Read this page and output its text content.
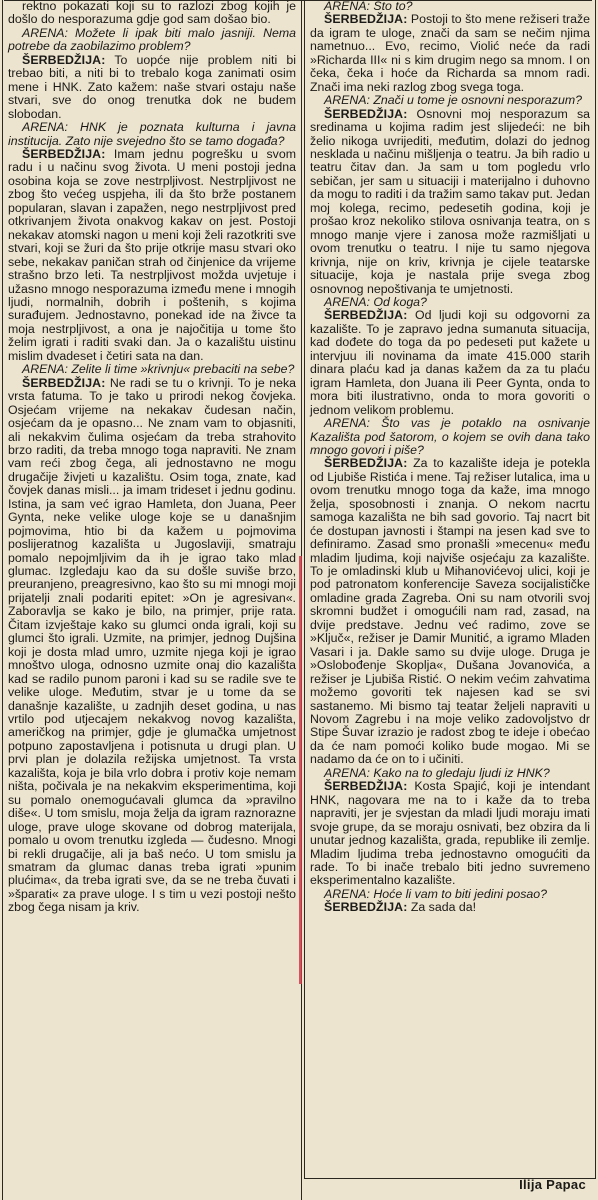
rektno pokazati koji su to razlozi zbog kojih je došlo do nesporazuma gdje god sam došao bio.

ARENA: Možete li ipak biti malo jasniji. Nema potrebe da zaobilazimo problem?

ŠERBEDŽIJA: To uopće nije problem niti bi trebao biti, a niti bi to trebalo koga zanimati osim mene i HNK. Zato kažem: naše stvari ostaju naše stvari, sve do onog trenutka dok ne budem slobodan.

ARENA: HNK je poznata kulturna i javna institucija. Zato nije svejedno što se tamo događa?

ŠERBEDŽIJA: Imam jednu pogrešku u svom radu i u načinu svog života. U meni postoji jedna osobina koja se zove nestrpljivost. Nestrpljivost ne zbog što većeg uspjeha, ili da što brže postanem popularan, slavan i zapažen, nego nestrpljivost pred otkrivanjem života onakvog kakav on jest. Postoji nekakav atomski nagon u meni koji želi razotkriti sve stvari, koji se žuri da što prije otkrije masu stvari oko sebe, nekakav paničan strah od činjenice da vrijeme strašno brzo leti. Ta nestrpljivost možda uvjetuje i užasno mnogo nesporazuma između mene i mnogih ljudi, normalnih, dobrih i poštenih, s kojima surađujem. Jednostavno, ponekad ide na živce ta moja nestrpljivost, a ona je najočitija u tome što želim igrati i raditi svaki dan. Ja o kazalištu uistinu mislim dvadeset i četiri sata na dan.

ARENA: Zelite li time »krivnju« prebaciti na sebe?

ŠERBEDŽIJA: Ne radi se tu o krivnji. To je neka vrsta fatuma. To je tako u prirodi nekog čovjeka. Osjećam vrijeme na nekakav čudesan način, osjećam da je opasno... Ne znam vam to objasniti, ali nekakvim čulima osjećam da treba strahovito brzo raditi, da treba mnogo toga napraviti. Ne znam vam reći zbog čega, ali jednostavno ne mogu drugačije živjeti u kazalištu. Osim toga, znate, kad čovjek danas misli... ja imam trideset i jednu godinu. Istina, ja sam već igrao Hamleta, don Juana, Peer Gynta, neke velike uloge koje se u današnjim pojmovima, htio bi da kažem u pojmovima poslijeratnog kazališta u Jugoslaviji, smatraju pomalo nepojmljivim da ih je igrao tako mlad glumac. Izgledaju kao da su došle suviše brzo, preuranjeno, preagresivno, kao što su mi mnogi moji prijatelji znali podariti epitet: »On je agresivan«. Zaboravlja se kako je bilo, na primjer, prije rata. Čitam izvještaje kako su glumci onda igrali, koji su glumci što igrali. Uzmite, na primjer, jednog Dujšina koji je dosta mlad umro, uzmite njega koji je igrao mnoštvo uloga, odnosno uzmite onaj dio kazališta kad se radilo punom paroni i kad su se radile sve te velike uloge. Međutim, stvar je u tome da se današnje kazalište, u zadnjih deset godina, u nas vrtilo pod utjecajem nekakvog novog kazališta, američkog na primjer, gdje je glumačka umjetnost potpuno zapostavljena i potisnuta u drugi plan. U prvi plan je dolazila režijska umjetnost. Ta vrsta kazališta, koja je bila vrlo dobra i protiv koje nemam ništa, počivala je na nekakvim eksperimentima, koji su pomalo onemogućavali glumca da »pravilno diše«. U tom smislu, moja želja da igram raznorazne uloge, prave uloge skovane od dobrog materijala, pomalo u ovom trenutku izgleda — čudesno. Mnogi bi rekli drugačije, ali ja baš nećo. U tom smislu ja smatram da glumac danas treba igrati »punim plućima«, da treba igrati sve, da se ne treba čuvati i »šparati« za prave uloge. I s tim u vezi postoji nešto zbog čega nisam ja kriv.

ARENA: Što to?

ŠERBEDŽIJA: Postoji to što mene režiseri traže da igram te uloge, znači da sam se nečim njima nametnuo... Evo, recimo, Violić neće da radi »Richarda III« ni s kim drugim nego sa mnom. I on čeka, čeka i hoće da Richarda sa mnom radi. Znači ima neki razlog zbog svega toga.

ARENA: Znači u tome je osnovni nesporazum?

ŠERBEDŽIJA: Osnovni moj nesporazum sa sredinama u kojima radim jest slijedeći: ne bih želio nikoga uvrijediti, međutim, dolazi do jednog nesklada u načinu mišljenja o teatru. Ja bih radio u teatru čitav dan. Ja sam u tom pogledu vrlo sebičan, jer sam u situaciji i materijalno i duhovno da mogu to raditi i da tražim samo takav put. Jedan moj kolega, recimo, pedesetih godina, koji je prošao kroz nekoliko stilova osnivanja teatra, on s mnogo manje vjere i zanosa može razmišljati u ovom trenutku o teatru. I nije tu samo njegova krivnja, nije on kriv, krivnja je cijele teatarske situacije, koja je nastala prije svega zbog osnovnog nepoštivanja te umjetnosti.

ARENA: Od koga?

ŠERBEDŽIJA: Od ljudi koji su odgovorni za kazalište. To je zapravo jedna sumanuta situacija, kad dođete do toga da po pedeseti put kažete u intervjuu ili novinama da imate 415.000 starih dinara plaću kad ja danas kažem da za tu plaću igram Hamleta, don Juana ili Peer Gynta, onda to mora biti ilustrativno, onda to mora govoriti o jednom velikom problemu.

ARENA: Što vas je potaklo na osnivanje Kazališta pod šatorom, o kojem se ovih dana tako mnogo govori i piše?

ŠERBEDŽIJA: Za to kazalište ideja je potekla od Ljubiše Ristića i mene. Taj režiser lutalica, ima u ovom trenutku mnogo toga da kaže, ima mnogo želja, sposobnosti i znanja. O nekom nacrtu samoga kazališta ne bih sad govorio. Taj nacrt bit će dostupan javnosti i štampi na jesen kad sve to definiramo. Zasad smo pronašli »mecenu« među mladim ljudima, koji najviše osjećaju za kazalište. To je omladinski klub u Mihanovićevoj ulici, koji je pod patronatom konferencije Saveza socijalističke omladine grada Zagreba. Oni su nam otvorili svoj skromni budžet i omogućili nam rad, zasad, na dvije predstave. Jednu već radimo, zove se »Ključ«, režiser je Damir Munitić, a igramo Mladen Vasari i ja. Dakle samo su dvije uloge. Druga je »Oslobođenje Skoplja«, Dušana Jovanovića, a režiser je Ljubiša Ristić. O nekim većim zahvatima možemo govoriti tek najesen kad se svi sastanemo. Mi bismo taj teatar željeli napraviti u Novom Zagrebu i na moje veliko zadovoljstvo dr Stipe Šuvar izrazio je radost zbog te ideje i obećao da će nam pomoći koliko bude mogao. Mi se nadamo da će on to i učiniti.

ARENA: Kako na to gledaju ljudi iz HNK?

ŠERBEDŽIJA: Kosta Spajić, koji je intendant HNK, nagovara me na to i kaže da to treba napraviti, jer je svjestan da mladi ljudi moraju imati svoje grupe, da se moraju osnivati, bez obzira da li unutar jednog kazališta, grada, republike ili zemlje. Mladim ljudima treba jednostavno omogućiti da rade. To bi inače trebalo biti jedno suvremeno eksperimentalno kazalište.

ARENA: Hoće li vam to biti jedini posao?

ŠERBEDŽIJA: Za sada da!

Ilija Papac
